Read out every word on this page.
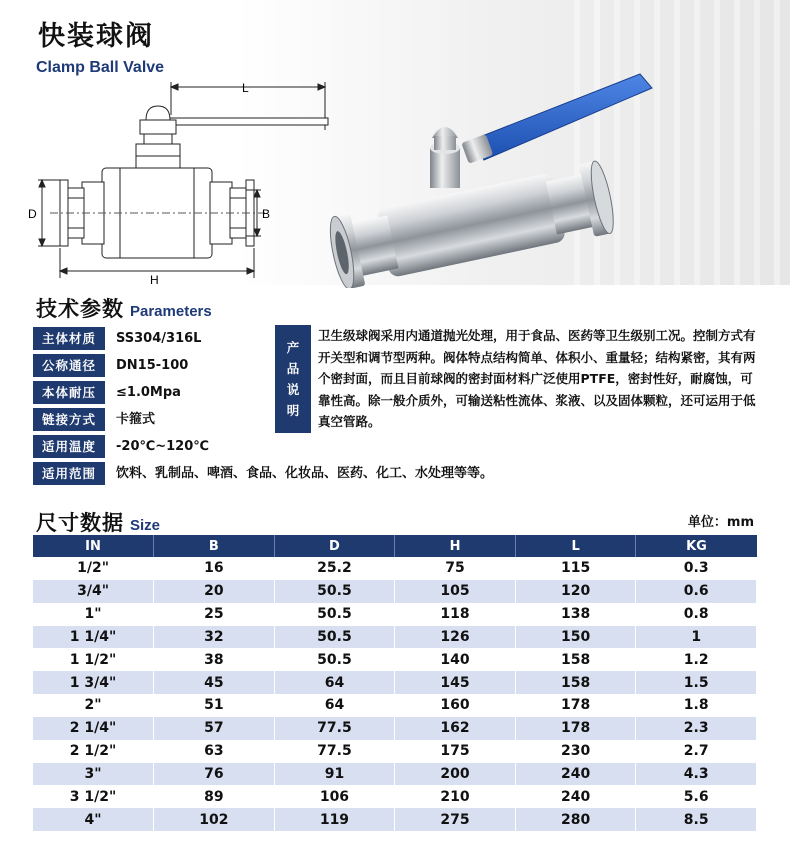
快装球阀
Clamp Ball Valve
L
D	B
H
技术参数 Parameters
主体材质	SS304/316L
公称通径	DN15-100
本体耐压	≤1.0Mpa
链接方式	卡箍式
适用温度	-20℃~120℃
适用范围	饮料、乳制品、啤酒、食品、化妆品、医药、化工、水处理等等。
产
品
说
明
卫生级球阀采用内通道抛光处理，用于食品、医药等卫生级别工况。控制方式有开关型和调节型两种。阀体特点结构简单、体积小、重量轻；结构紧密，其有两个密封面，而且目前球阀的密封面材料广泛使用PTFE，密封性好，耐腐蚀，可靠性高。除一般介质外，可输送粘性流体、浆液、以及固体颗粒，还可运用于低真空管路。
尺寸数据 Size	单位：mm
IN	B	D	H	L	KG
1/2"	16	25.2	75	115	0.3
3/4"	20	50.5	105	120	0.6
1"	25	50.5	118	138	0.8
1 1/4"	32	50.5	126	150	1
1 1/2"	38	50.5	140	158	1.2
1 3/4"	45	64	145	158	1.5
2"	51	64	160	178	1.8
2 1/4"	57	77.5	162	178	2.3
2 1/2"	63	77.5	175	230	2.7
3"	76	91	200	240	4.3
3 1/2"	89	106	210	240	5.6
4"	102	119	275	280	8.5
